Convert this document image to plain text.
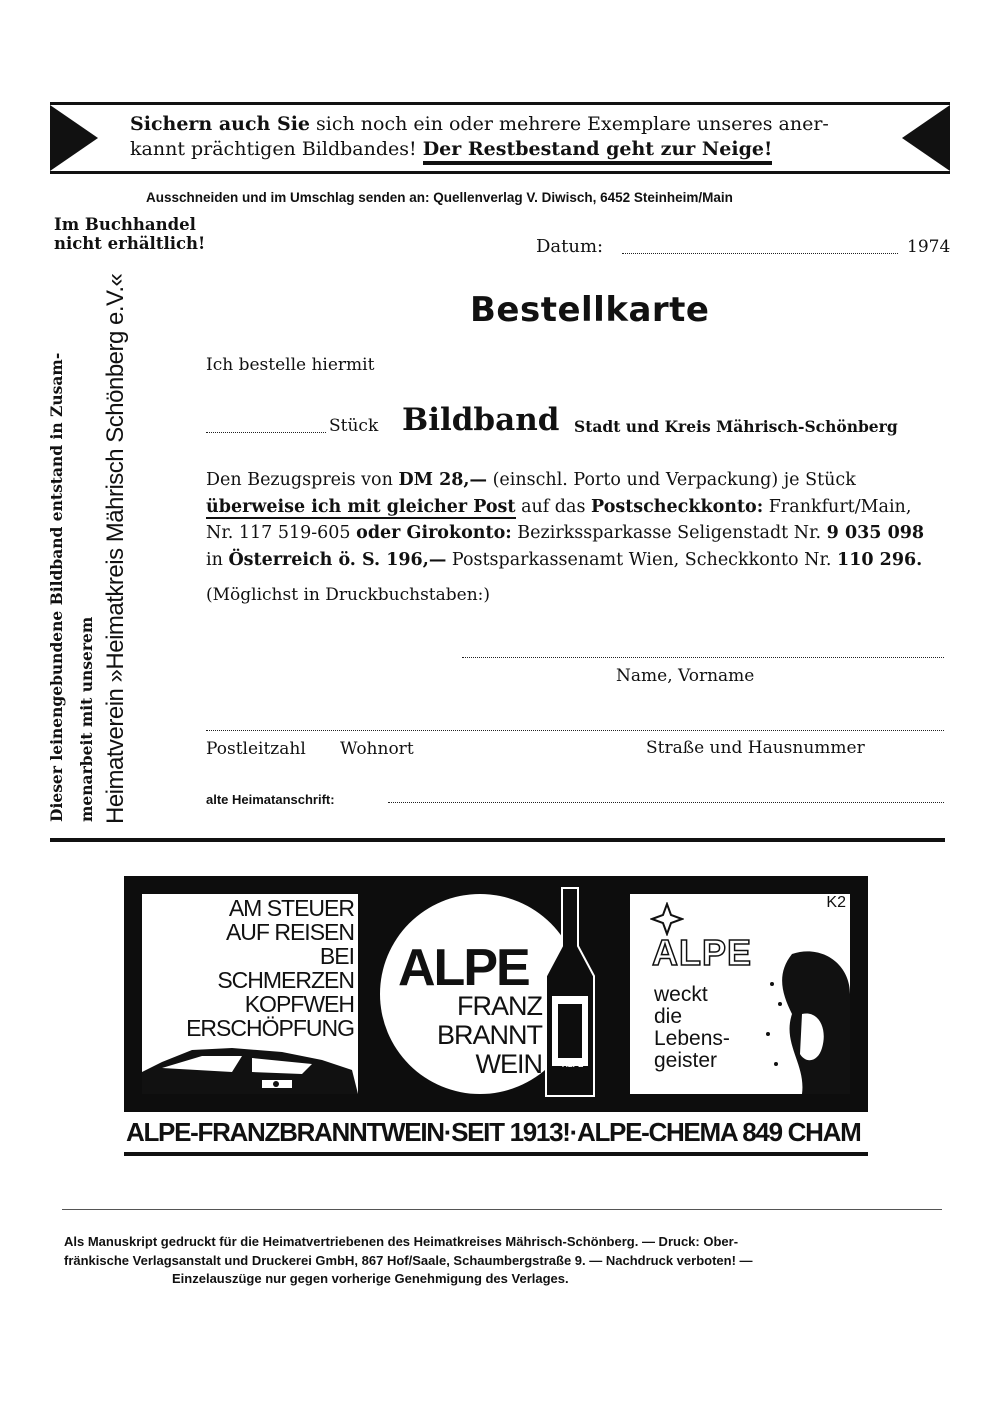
Sichern auch Sie sich noch ein oder mehrere Exemplare unseres aner-
kannt prächtigen Bildbandes! Der Restbestand geht zur Neige!
Ausschneiden und im Umschlag senden an: Quellenverlag V. Diwisch, 6452 Steinheim/Main
Im Buchhandel
nicht erhältlich!	Datum:	1974
Dieser leinengebundene Bildband entstand in Zusam- menarbeit mit unserem Heimatverein »Heimatkreis Mährisch Schönberg e.V.«	Bestellkarte
Ich bestelle hiermit
Stück Bildband Stadt und Kreis Mährisch-Schönberg
Den Bezugspreis von DM 28,— (einschl. Porto und Verpackung) je Stück
überweise ich mit gleicher Post auf das Postscheckkonto: Frankfurt/Main,
Nr. 117 519-605 oder Girokonto: Bezirkssparkasse Seligenstadt Nr. 9 035 098
in Österreich ö. S. 196,— Postsparkassenamt Wien, Scheckkonto Nr. 110 296.
(Möglichst in Druckbuchstaben:)
Name, Vorname
Postleitzahl Wohnort	Straße und Hausnummer
alte Heimatanschrift:
AM STEUER
AUF REISEN
BEI
SCHMERZEN
KOPFWEH
ERSCHÖPFUNG
ALPE
FRANZ
BRANNT
WEIN	ALPE
K2
ALPE
weckt
die
Lebens-
geister
ALPE-FRANZBRANNTWEIN·SEIT 1913!·ALPE-CHEMA 849 CHAM
Als Manuskript gedruckt für die Heimatvertriebenen des Heimatkreises Mährisch-Schönberg. — Druck: Ober-
fränkische Verlagsanstalt und Druckerei GmbH, 867 Hof/Saale, Schaumbergstraße 9. — Nachdruck verboten! —
Einzelauszüge nur gegen vorherige Genehmigung des Verlages.
